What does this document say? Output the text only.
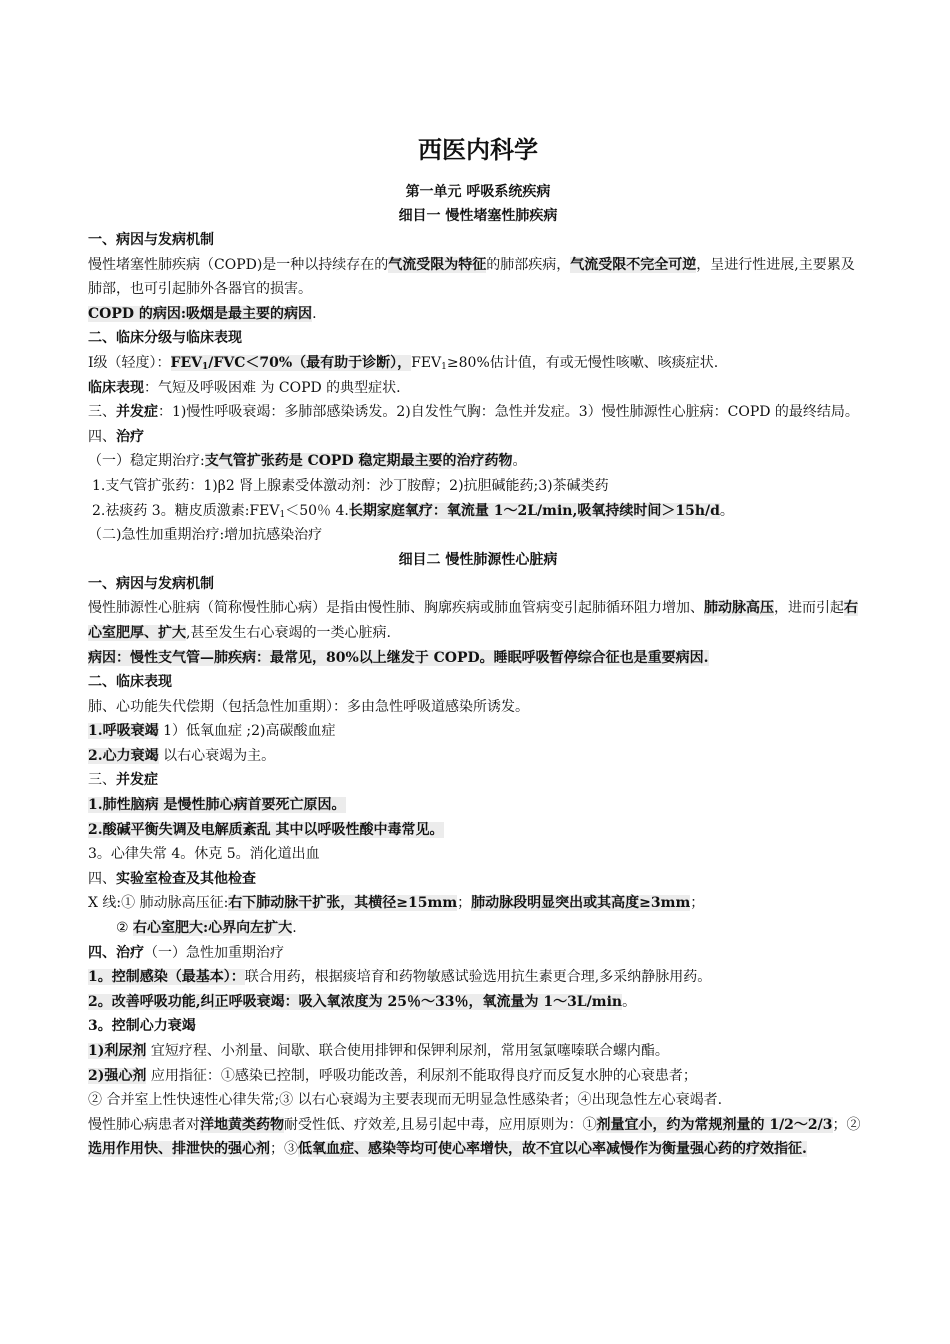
西医内科学
第一单元 呼吸系统疾病
细目一 慢性堵塞性肺疾病

一、病因与发病机制

慢性堵塞性肺疾病（COPD)是一种以持续存在的气流受限为特征的肺部疾病，气流受限不完全可逆，呈进行性进展,主要累及肺部，也可引起肺外各器官的损害。

COPD 的病因:吸烟是最主要的病因.

二、临床分级与临床表现

Ⅰ级（轻度）：$FEV_1/FVC<70\%$（最有助于诊断），$FEV_1\ge 80\%$估计值，有或无慢性咳嗽、咳痰症状.

临床表现：气短及呼吸困难 为 COPD 的典型症状.

三、并发症：1)慢性呼吸衰竭：多肺部感染诱发。2)自发性气胸：急性并发症。3）慢性肺源性心脏病：COPD 的最终结局。

四、治疗

（一）稳定期治疗:支气管扩张药是 COPD 稳定期最主要的治疗药物。

1.支气管扩张药：1)β2 肾上腺素受体激动剂：沙丁胺醇；2)抗胆碱能药;3)茶碱类药

2.祛痰药 3。糖皮质激素$:FEV_1<50$％ 4.长期家庭氧疗：氧流量 1～2L/min,吸氧持续时间＞15h/d。

（二)急性加重期治疗:增加抗感染治疗

细目二 慢性肺源性心脏病

一、病因与发病机制

慢性肺源性心脏病（简称慢性肺心病）是指由慢性肺、胸廓疾病或肺血管病变引起肺循环阻力增加、肺动脉高压，进而引起右心室肥厚、扩大,甚至发生右心衰竭的一类心脏病.

病因：慢性支气管—肺疾病：最常见，80%以上继发于 COPD。睡眠呼吸暂停综合征也是重要病因.

二、临床表现

肺、心功能失代偿期（包括急性加重期）：多由急性呼吸道感染所诱发。

1.呼吸衰竭 1）低氧血症 ;2)高碳酸血症

2.心力衰竭 以右心衰竭为主。

三、并发症

1.肺性脑病 是慢性肺心病首要死亡原因。

2.酸碱平衡失调及电解质紊乱 其中以呼吸性酸中毒常见。

3。心律失常 4。休克 5。消化道出血

四、实验室检查及其他检查

X 线:① 肺动脉高压征:右下肺动脉干扩张，其横径≥15mm；肺动脉段明显突出或其高度≥3mm；

② 右心室肥大:心界向左扩大.

四、治疗（一）急性加重期治疗

1。控制感染（最基本）：联合用药，根据痰培育和药物敏感试验选用抗生素更合理,多采纳静脉用药。

2。改善呼吸功能,纠正呼吸衰竭：吸入氧浓度为 25％～33％，氧流量为 1～3L/min。

3。控制心力衰竭

1)利尿剂 宜短疗程、小剂量、间歇、联合使用排钾和保钾利尿剂，常用氢氯噻嗪联合螺内酯。

2)强心剂 应用指征：①感染已控制，呼吸功能改善，利尿剂不能取得良疗而反复水肿的心衰患者；

② 合并室上性快速性心律失常;③ 以右心衰竭为主要表现而无明显急性感染者；④出现急性左心衰竭者.

慢性肺心病患者对洋地黄类药物耐受性低、疗效差,且易引起中毒，应用原则为：①剂量宜小，约为常规剂量的 1/2～2/3；②选用作用快、排泄快的强心剂；③低氧血症、感染等均可使心率增快，故不宜以心率减慢作为衡量强心药的疗效指征.
